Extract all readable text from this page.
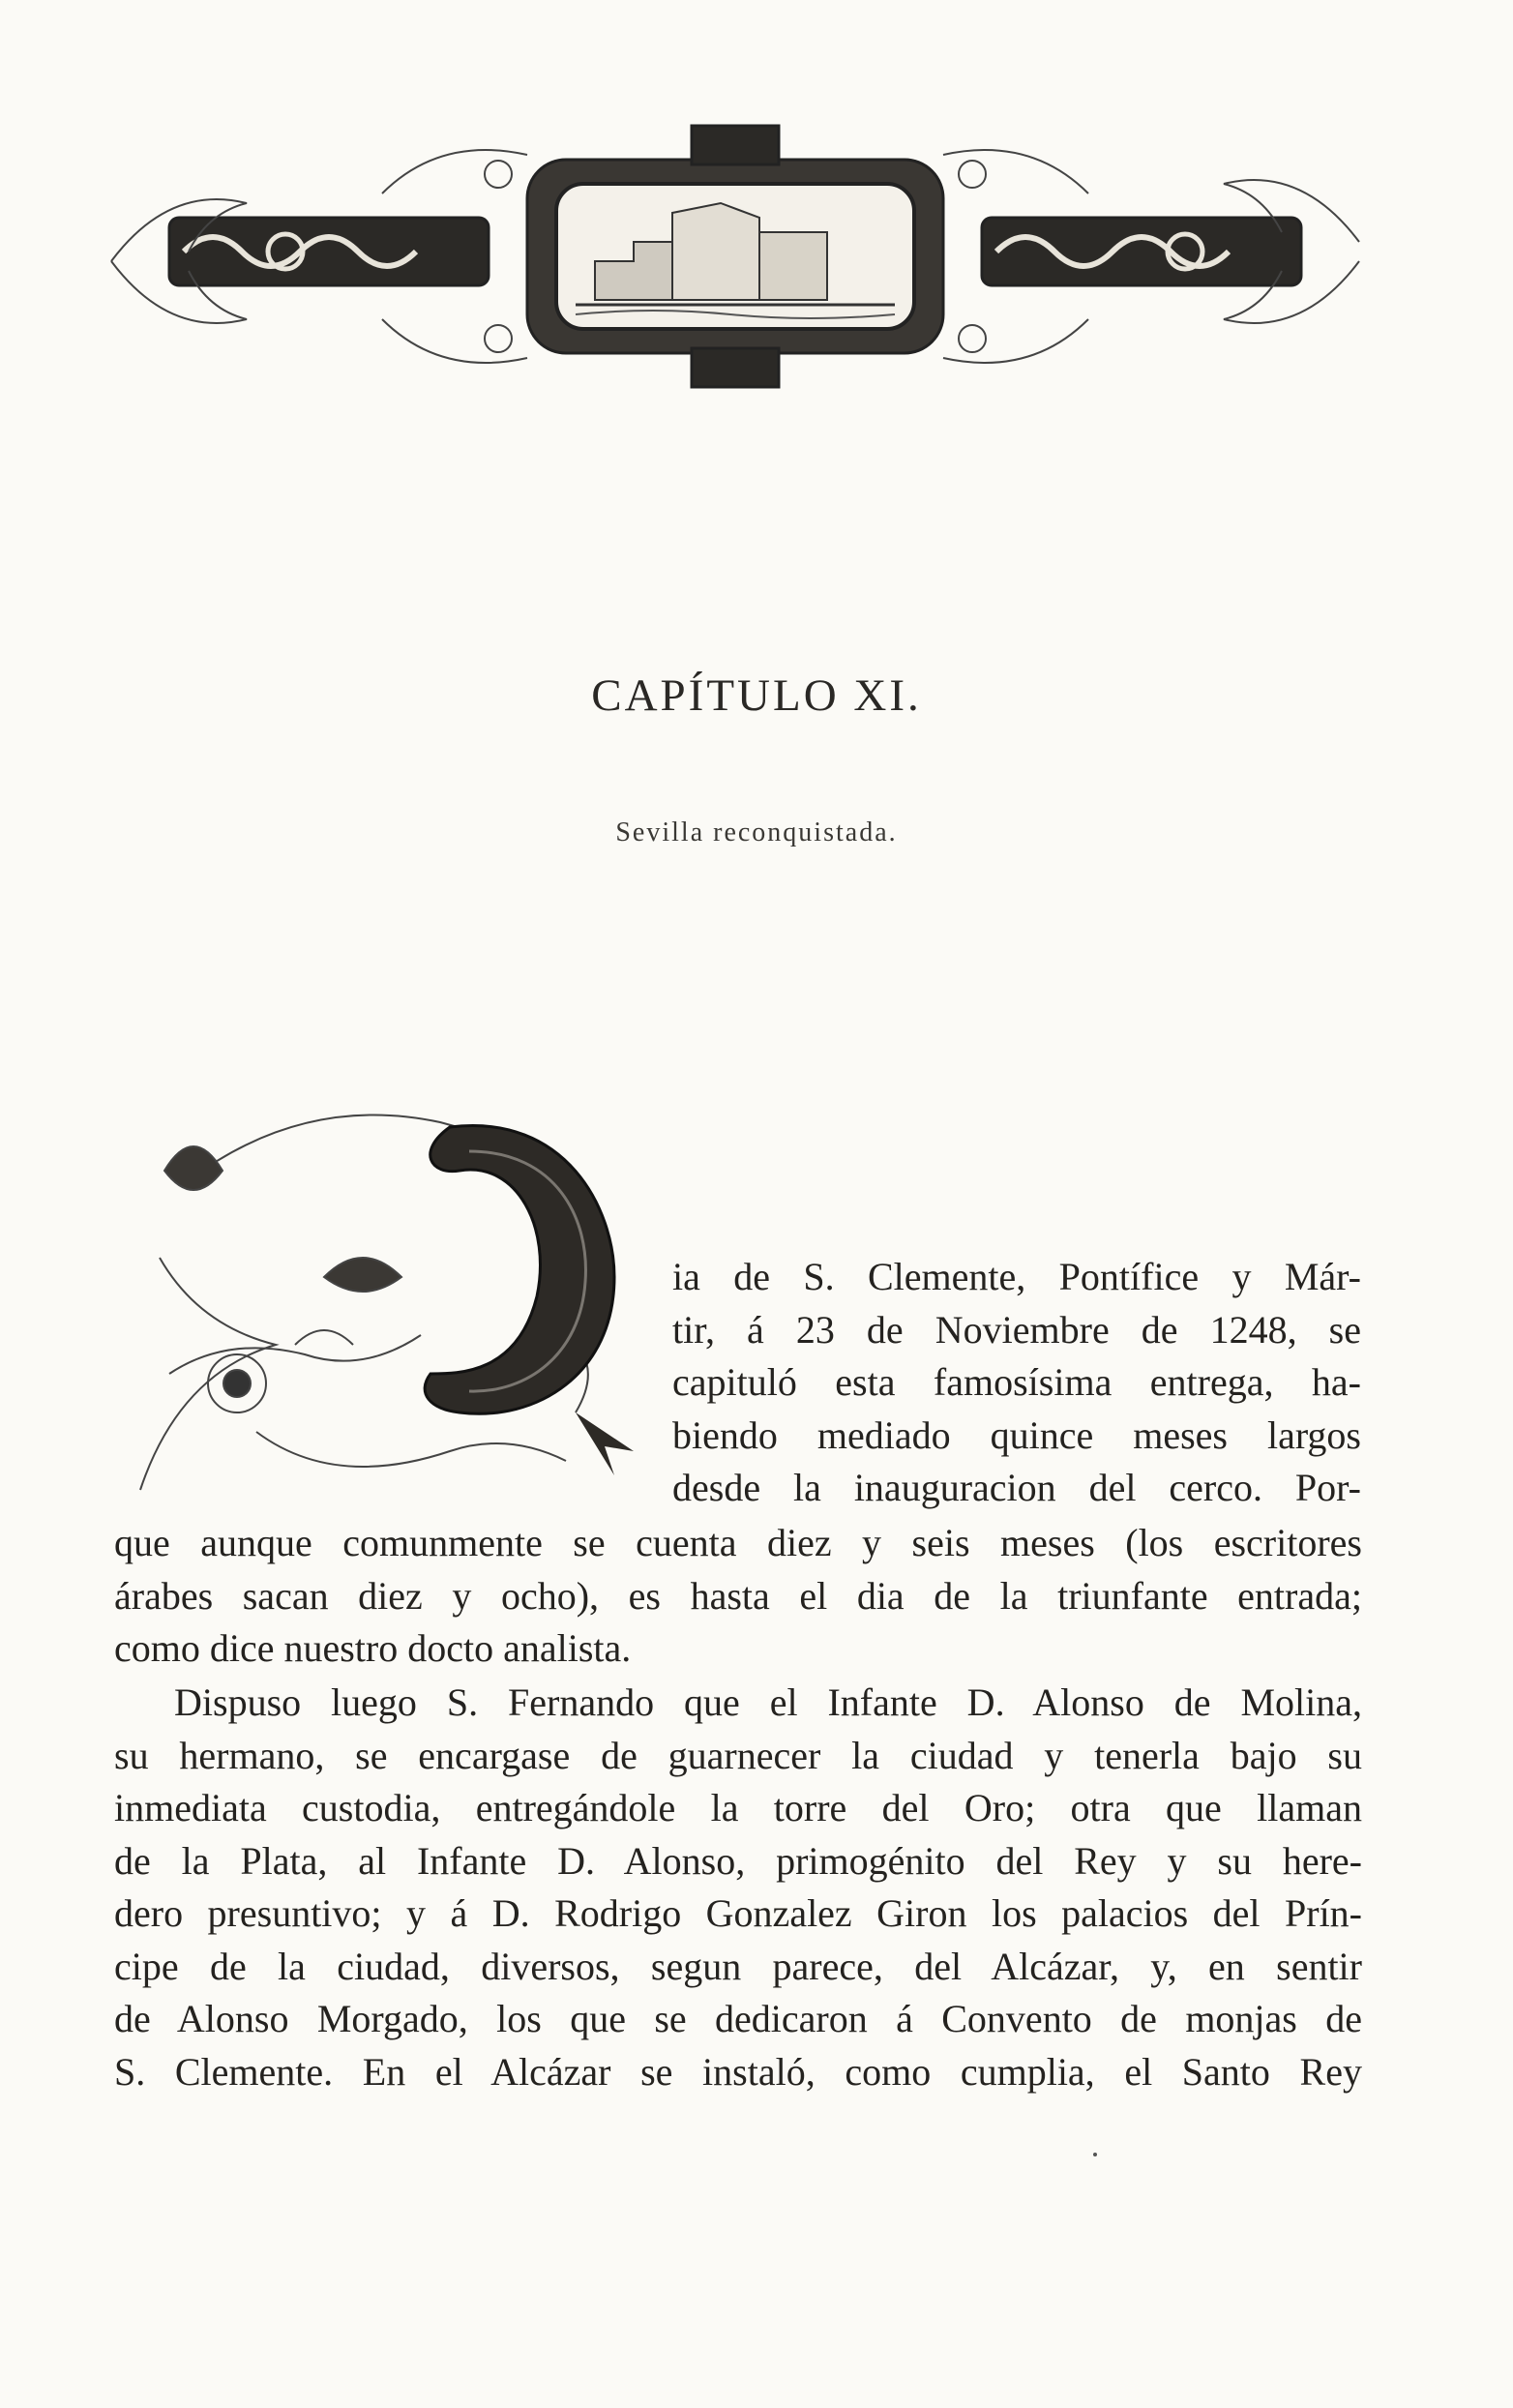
CAPÍTULO XI.
Sevilla reconquistada.
D
ia de S. Clemente, Pontífice y Már-
tir, á 23 de Noviembre de 1248, se
capituló esta famosísima entrega, ha-
biendo mediado quince meses largos
desde la inauguracion del cerco. Por-
que aunque comunmente se cuenta diez y seis meses (los escritores
árabes sacan diez y ocho), es hasta el dia de la triunfante entrada;
como dice nuestro docto analista.
Dispuso luego S. Fernando que el Infante D. Alonso de Molina,
su hermano, se encargase de guarnecer la ciudad y tenerla bajo su
inmediata custodia, entregándole la torre del Oro; otra que llaman
de la Plata, al Infante D. Alonso, primogénito del Rey y su here-
dero presuntivo; y á D. Rodrigo Gonzalez Giron los palacios del Prín-
cipe de la ciudad, diversos, segun parece, del Alcázar, y, en sentir
de Alonso Morgado, los que se dedicaron á Convento de monjas de
S. Clemente. En el Alcázar se instaló, como cumplia, el Santo Rey
